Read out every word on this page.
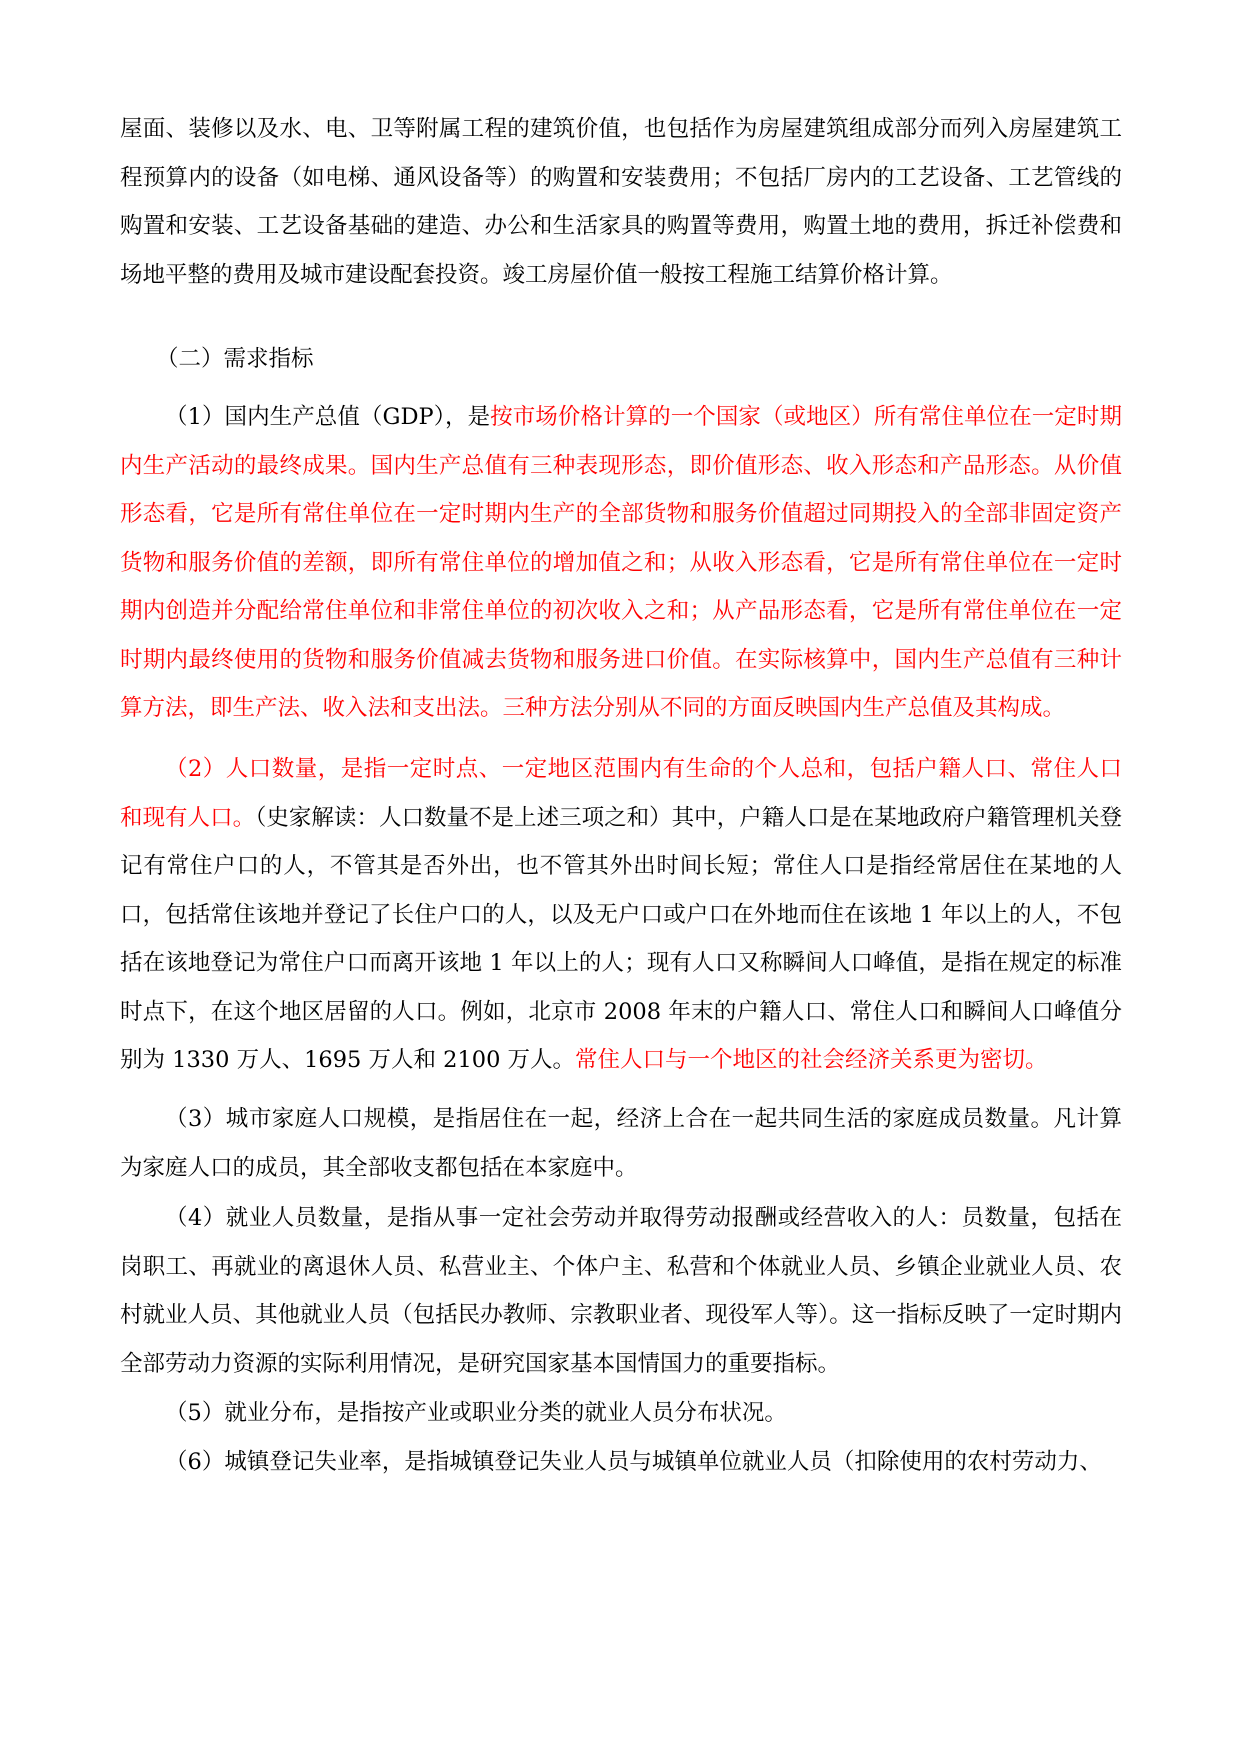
屋面、装修以及水、电、卫等附属工程的建筑价值，也包括作为房屋建筑组成部分而列入房屋建筑工程预算内的设备（如电梯、通风设备等）的购置和安装费用；不包括厂房内的工艺设备、工艺管线的购置和安装、工艺设备基础的建造、办公和生活家具的购置等费用，购置土地的费用，拆迁补偿费和场地平整的费用及城市建设配套投资。竣工房屋价值一般按工程施工结算价格计算。

（二）需求指标

（1）国内生产总值（GDP），是按市场价格计算的一个国家（或地区）所有常住单位在一定时期内生产活动的最终成果。国内生产总值有三种表现形态，即价值形态、收入形态和产品形态。从价值形态看，它是所有常住单位在一定时期内生产的全部货物和服务价值超过同期投入的全部非固定资产货物和服务价值的差额，即所有常住单位的增加值之和；从收入形态看，它是所有常住单位在一定时期内创造并分配给常住单位和非常住单位的初次收入之和；从产品形态看，它是所有常住单位在一定时期内最终使用的货物和服务价值减去货物和服务进口价值。在实际核算中，国内生产总值有三种计算方法，即生产法、收入法和支出法。三种方法分别从不同的方面反映国内生产总值及其构成。

（2）人口数量，是指一定时点、一定地区范围内有生命的个人总和，包括户籍人口、常住人口和现有人口。（史家解读：人口数量不是上述三项之和）其中，户籍人口是在某地政府户籍管理机关登记有常住户口的人，不管其是否外出，也不管其外出时间长短；常住人口是指经常居住在某地的人口，包括常住该地并登记了长住户口的人，以及无户口或户口在外地而住在该地 1 年以上的人，不包括在该地登记为常住户口而离开该地 1 年以上的人；现有人口又称瞬间人口峰值，是指在规定的标准时点下，在这个地区居留的人口。例如，北京市 2008 年末的户籍人口、常住人口和瞬间人口峰值分别为 1330 万人、1695 万人和 2100 万人。常住人口与一个地区的社会经济关系更为密切。

（3）城市家庭人口规模，是指居住在一起，经济上合在一起共同生活的家庭成员数量。凡计算为家庭人口的成员，其全部收支都包括在本家庭中。

（4）就业人员数量，是指从事一定社会劳动并取得劳动报酬或经营收入的人：员数量，包括在岗职工、再就业的离退休人员、私营业主、个体户主、私营和个体就业人员、乡镇企业就业人员、农村就业人员、其他就业人员（包括民办教师、宗教职业者、现役军人等）。这一指标反映了一定时期内全部劳动力资源的实际利用情况，是研究国家基本国情国力的重要指标。

（5）就业分布，是指按产业或职业分类的就业人员分布状况。

（6）城镇登记失业率，是指城镇登记失业人员与城镇单位就业人员（扣除使用的农村劳动力、
